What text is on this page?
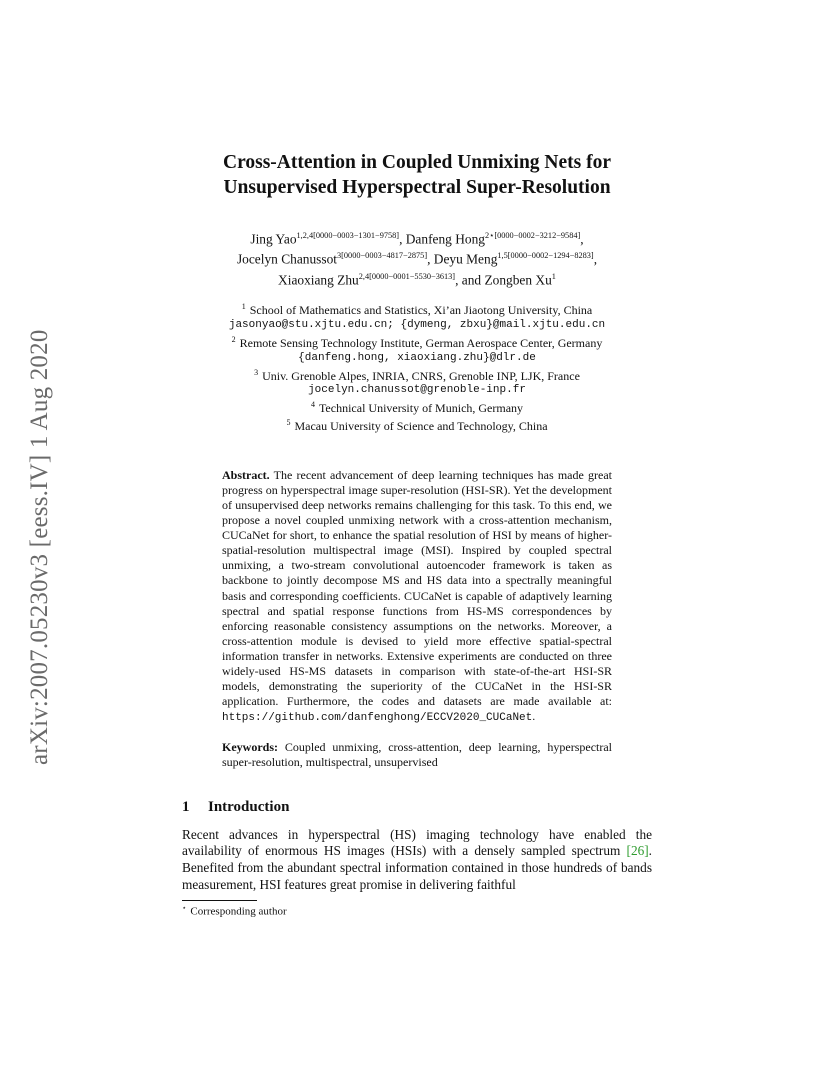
arXiv:2007.05230v3 [eess.IV] 1 Aug 2020
Cross-Attention in Coupled Unmixing Nets for
Unsupervised Hyperspectral Super-Resolution
Jing Yao$^{1,2,4[0000-0003-1301-9758]}$, Danfeng Hong$^{2⋆[0000-0002-3212-9584]}$,
Jocelyn Chanussot$^{3[0000-0003-4817-2875]}$, Deyu Meng$^{1,5[0000-0002-1294-8283]}$,
Xiaoxiang Zhu$^{2,4[0000-0001-5530-3613]}$, and Zongben Xu$^1$
$^1$ School of Mathematics and Statistics, Xi’an Jiaotong University, China
jasonyao@stu.xjtu.edu.cn; {dymeng, zbxu}@mail.xjtu.edu.cn
$^2$ Remote Sensing Technology Institute, German Aerospace Center, Germany
{danfeng.hong, xiaoxiang.zhu}@dlr.de
$^3$ Univ. Grenoble Alpes, INRIA, CNRS, Grenoble INP, LJK, France
jocelyn.chanussot@grenoble-inp.fr
$^4$ Technical University of Munich, Germany
$^5$ Macau University of Science and Technology, China
Abstract. The recent advancement of deep learning techniques has made great progress on hyperspectral image super-resolution (HSI-SR). Yet the development of unsupervised deep networks remains challenging for this task. To this end, we propose a novel coupled unmixing network with a cross-attention mechanism, CUCaNet for short, to enhance the spatial resolution of HSI by means of higher-spatial-resolution multispectral image (MSI). Inspired by coupled spectral unmixing, a two-stream convolutional autoencoder framework is taken as backbone to jointly decompose MS and HS data into a spectrally meaningful basis and corresponding coefficients. CUCaNet is capable of adaptively learning spectral and spatial response functions from HS-MS correspondences by enforcing reasonable consistency assumptions on the networks. Moreover, a cross-attention module is devised to yield more effective spatial-spectral information transfer in networks. Extensive experiments are conducted on three widely-used HS-MS datasets in comparison with state-of-the-art HSI-SR models, demonstrating the superiority of the CUCaNet in the HSI-SR application. Furthermore, the codes and datasets are made available at: https://github.com/danfenghong/ECCV2020_CUCaNet.
Keywords: Coupled unmixing, cross-attention, deep learning, hyperspectral super-resolution, multispectral, unsupervised
1 Introduction
Recent advances in hyperspectral (HS) imaging technology have enabled the availability of enormous HS images (HSIs) with a densely sampled spectrum [26]. Benefited from the abundant spectral information contained in those hundreds of bands measurement, HSI features great promise in delivering faithful
⋆ Corresponding author
